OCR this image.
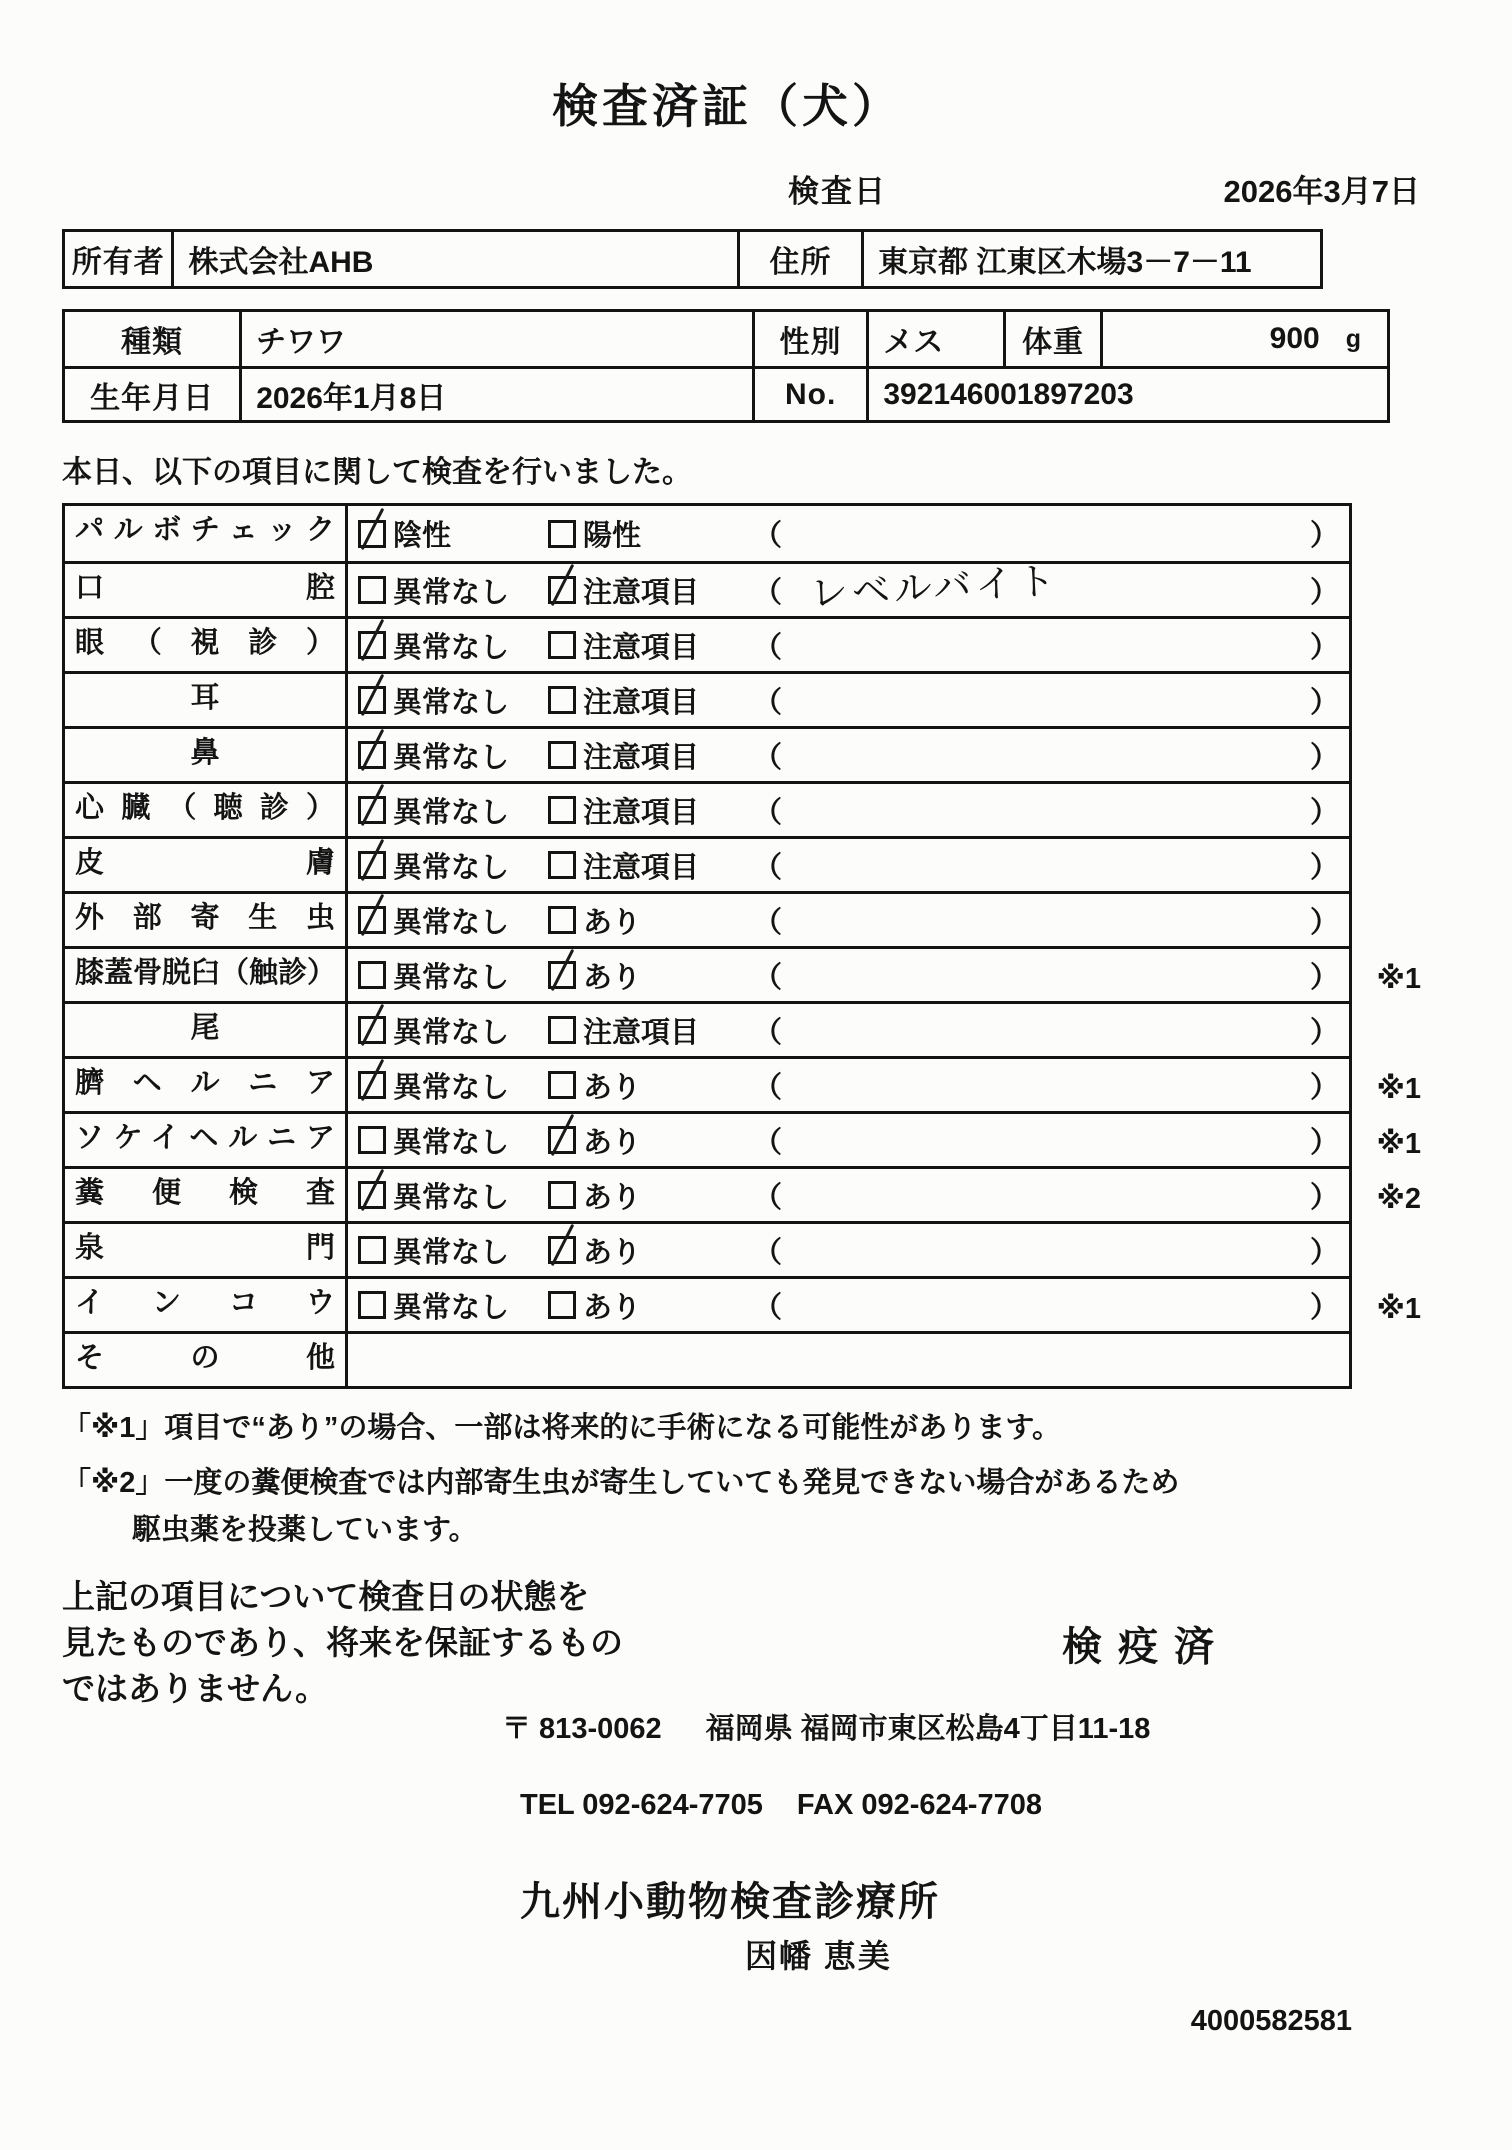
検査済証（犬）
検査日	2026年3月7日
所有者 株式会社AHB	住所	東京都 江東区木場3－7－11
種類	チワワ	性別	メス	体重	900 g
生年月日	2026年1月8日	No.	392146001897203
本日、以下の項目に関して検査を行いました。
パルボチェック	陰性	陽性	（	）
口腔	異常なし	注意項目 （ レベルバイト	）
眼（視診）	異常なし	注意項目 （	）
耳	異常なし	注意項目 （	）
鼻	異常なし	注意項目 （	）
心臓（聴診）	異常なし	注意項目 （	）
皮膚	異常なし	注意項目 （	）
外部寄生虫	異常なし	あり	（	）
膝蓋骨脱臼（触診）	異常なし	あり	（	） ※1
尾	異常なし	注意項目 （	）
臍ヘルニア	異常なし	あり	（	） ※1
ソケイヘルニア	異常なし	あり	（	） ※1
糞便検査	異常なし	あり	（	） ※2
泉門	異常なし	あり	（	）
インコウ	異常なし	あり	（	） ※1
その他
「※1」項目で“あり”の場合、一部は将来的に手術になる可能性があります。
「※2」一度の糞便検査では内部寄生虫が寄生していても発見できない場合があるため
駆虫薬を投薬しています。
上記の項目について検査日の状態を
見たものであり、将来を保証するもの
ではありません。
検疫済
〒 813-0062 福岡県 福岡市東区松島4丁目11-18
TEL 092-624-7705 FAX 092-624-7708
九州小動物検査診療所
因幡 恵美
4000582581
